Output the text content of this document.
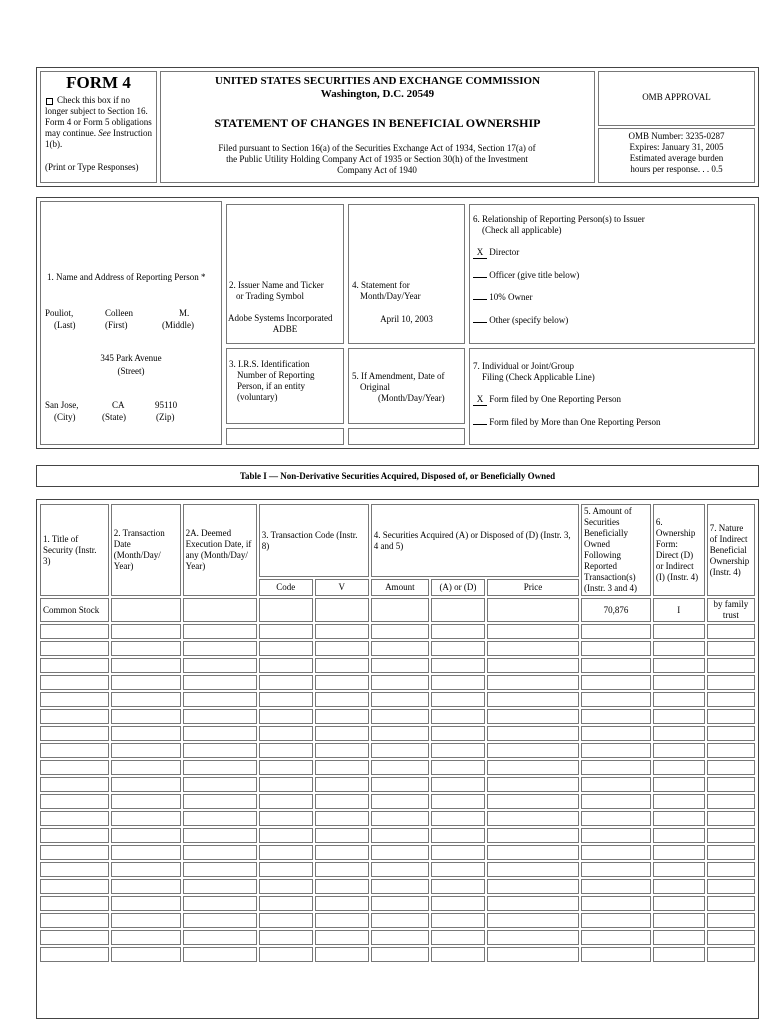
FORM 4
Check this box if no longer subject to Section 16. Form 4 or Form 5 obligations may continue. See Instruction 1(b).
(Print or Type Responses)
UNITED STATES SECURITIES AND EXCHANGE COMMISSION
Washington, D.C. 20549
STATEMENT OF CHANGES IN BENEFICIAL OWNERSHIP
Filed pursuant to Section 16(a) of the Securities Exchange Act of 1934, Section 17(a) of the Public Utility Holding Company Act of 1935 or Section 30(h) of the Investment Company Act of 1940
OMB APPROVAL
OMB Number: 3235-0287
Expires: January 31, 2005
Estimated average burden
hours per response. . . 0.5
1. Name and Address of Reporting Person *
Pouliot,	Colleen	M.
(Last)	(First)	(Middle)
345 Park Avenue
(Street)
San Jose,	CA	95110
(City)	(State)	(Zip)
2. Issuer Name and Ticker
or Trading Symbol
Adobe Systems Incorporated
ADBE
3. I.R.S. Identification
Number of Reporting
Person, if an entity
(voluntary)
4. Statement for
Month/Day/Year
April 10, 2003
5. If Amendment, Date of
Original
(Month/Day/Year)
6. Relationship of Reporting Person(s) to Issuer
(Check all applicable)
X Director
Officer (give title below)
10% Owner
Other (specify below)
7. Individual or Joint/Group
Filing (Check Applicable Line)
X Form filed by One Reporting Person
Form filed by More than One Reporting Person
Table I — Non-Derivative Securities Acquired, Disposed of, or Beneficially Owned
1. Title of Security (Instr. 3)	2. Transaction Date (Month/Day/ Year)	2A. Deemed Execution Date, if any (Month/Day/ Year)	3. Transaction Code (Instr. 8)		4. Securities Acquired (A) or Disposed of (D) (Instr. 3, 4 and 5)			5. Amount of Securities Beneficially Owned Following Reported Transaction(s) (Instr. 3 and 4)	6. Ownership Form: Direct (D) or Indirect (I) (Instr. 4)	7. Nature of Indirect Beneficial Ownership (Instr. 4)
			Code	V	Amount	(A) or (D)	Price			
Common Stock								70,876	I	by family trust
